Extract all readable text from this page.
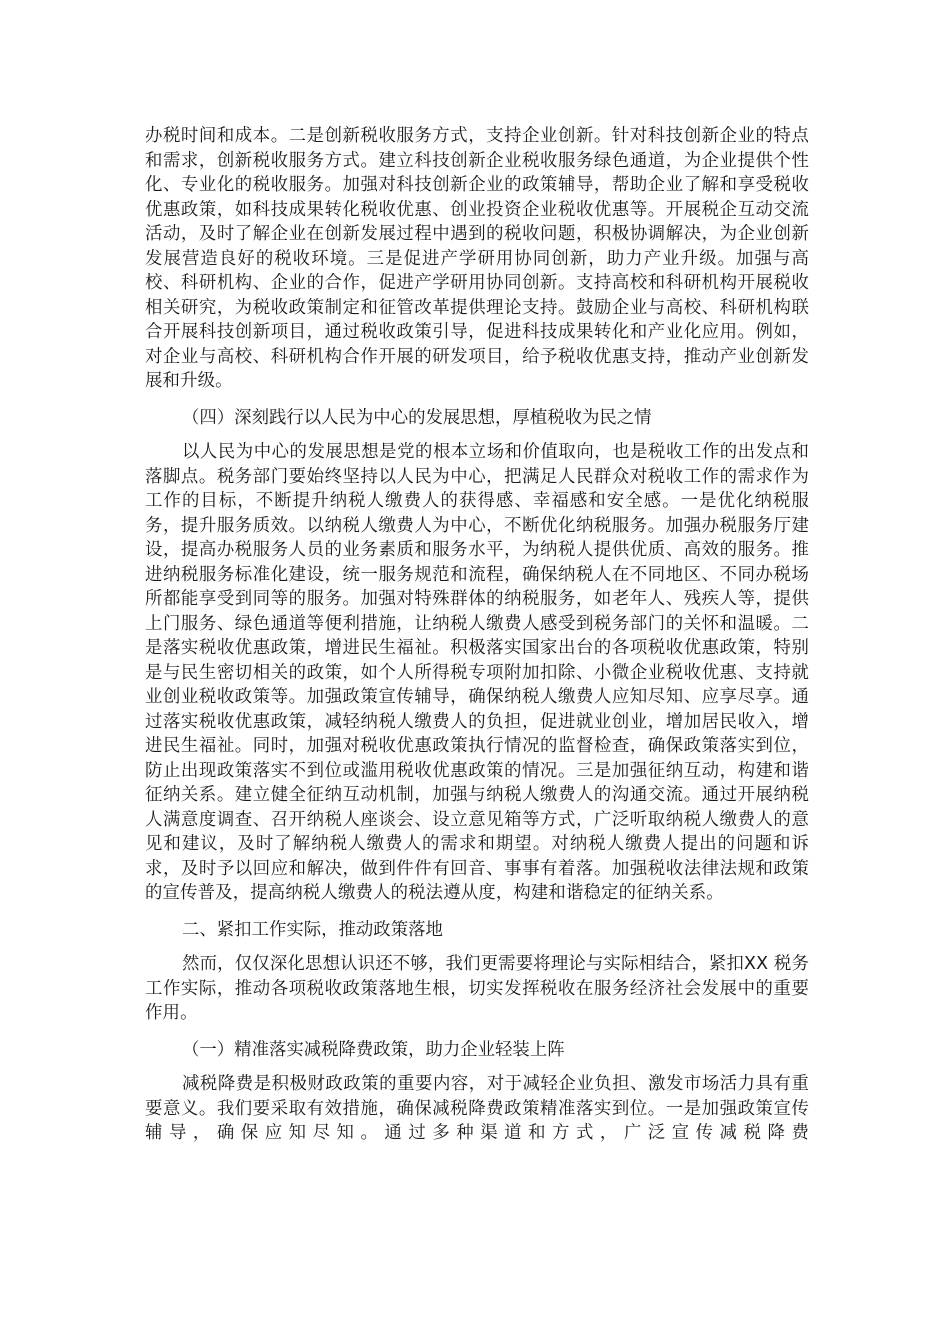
办税时间和成本。二是创新税收服务方式，支持企业创新。针对科技创新企业的特点和需求，创新税收服务方式。建立科技创新企业税收服务绿色通道，为企业提供个性化、专业化的税收服务。加强对科技创新企业的政策辅导，帮助企业了解和享受税收优惠政策，如科技成果转化税收优惠、创业投资企业税收优惠等。开展税企互动交流活动，及时了解企业在创新发展过程中遇到的税收问题，积极协调解决，为企业创新发展营造良好的税收环境。三是促进产学研用协同创新，助力产业升级。加强与高校、科研机构、企业的合作，促进产学研用协同创新。支持高校和科研机构开展税收相关研究，为税收政策制定和征管改革提供理论支持。鼓励企业与高校、科研机构联合开展科技创新项目，通过税收政策引导，促进科技成果转化和产业化应用。例如，对企业与高校、科研机构合作开展的研发项目，给予税收优惠支持，推动产业创新发展和升级。

（四）深刻践行以人民为中心的发展思想，厚植税收为民之情

以人民为中心的发展思想是党的根本立场和价值取向，也是税收工作的出发点和落脚点。税务部门要始终坚持以人民为中心，把满足人民群众对税收工作的需求作为工作的目标，不断提升纳税人缴费人的获得感、幸福感和安全感。一是优化纳税服务，提升服务质效。以纳税人缴费人为中心，不断优化纳税服务。加强办税服务厅建设，提高办税服务人员的业务素质和服务水平，为纳税人提供优质、高效的服务。推进纳税服务标准化建设，统一服务规范和流程，确保纳税人在不同地区、不同办税场所都能享受到同等的服务。加强对特殊群体的纳税服务，如老年人、残疾人等，提供上门服务、绿色通道等便利措施，让纳税人缴费人感受到税务部门的关怀和温暖。二是落实税收优惠政策，增进民生福祉。积极落实国家出台的各项税收优惠政策，特别是与民生密切相关的政策，如个人所得税专项附加扣除、小微企业税收优惠、支持就业创业税收政策等。加强政策宣传辅导，确保纳税人缴费人应知尽知、应享尽享。通过落实税收优惠政策，减轻纳税人缴费人的负担，促进就业创业，增加居民收入，增进民生福祉。同时，加强对税收优惠政策执行情况的监督检查，确保政策落实到位，防止出现政策落实不到位或滥用税收优惠政策的情况。三是加强征纳互动，构建和谐征纳关系。建立健全征纳互动机制，加强与纳税人缴费人的沟通交流。通过开展纳税人满意度调查、召开纳税人座谈会、设立意见箱等方式，广泛听取纳税人缴费人的意见和建议，及时了解纳税人缴费人的需求和期望。对纳税人缴费人提出的问题和诉求，及时予以回应和解决，做到件件有回音、事事有着落。加强税收法律法规和政策的宣传普及，提高纳税人缴费人的税法遵从度，构建和谐稳定的征纳关系。

二、紧扣工作实际，推动政策落地

然而，仅仅深化思想认识还不够，我们更需要将理论与实际相结合，紧扣XX 税务工作实际，推动各项税收政策落地生根，切实发挥税收在服务经济社会发展中的重要作用。

（一）精准落实减税降费政策，助力企业轻装上阵

减税降费是积极财政政策的重要内容，对于减轻企业负担、激发市场活力具有重要意义。我们要采取有效措施，确保减税降费政策精准落实到位。一是加强政策宣传辅导，确保应知尽知。通过多种渠道和方式，广泛宣传减税降费
